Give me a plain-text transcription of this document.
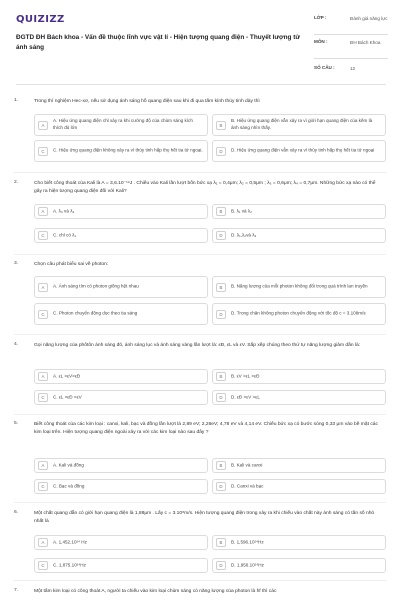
QUIZIZZ
ĐGTD ĐH Bách khoa - Vấn đề thuộc lĩnh vực vật lí - Hiện tượng quang điện - Thuyết lượng tử ánh sáng
LỚP :	Đánh giá năng lực
MÔN :	ĐH Bách Khoa
SỐ CÂU :	12
1.	Trong thí nghiệm Hec-xơ, nếu sử dụng ánh sáng hồ quang điện sau khi đi qua tấm kính thủy tinh dày thì
A
A. Hiệu ứng quang điện chỉ xảy ra khi cường độ của chùm sáng kích thích đủ lớn	B
B. Hiệu ứng quang điện vẫn xảy ra vì giới hạn quang điện của kẽm là ánh sáng nhìn thấy.
C	C. Hiệu ứng quang điện không xảy ra vì thủy tinh hấp thụ hết tia tử ngoại.	D	D. Hiệu ứng quang điện vẫn xảy ra vì thủy tinh hấp thụ hết tia tử ngoại
2.	Cho biết công thoát của Kali là A = 3,6.10⁻¹⁹J . Chiếu vào Kali lần lượt bốn bức xạ λ₁ = 0,4μm; λ₂ = 0,5μm ; λ₃ = 0,6μm; λ₄ = 0,7μm. Những bức xạ nào có thể gây ra hiện tượng quang điện đối với Kali?
A	A. λ₃ và λ₄	B	B. λ₁ và λ₂
C	C. chỉ có λ₁	D	D. λ₁,λ₂và λ₃
3.	Chọn câu phát biểu sai về photon:
A	A. Ánh sáng tím có photon giống hệt nhau	B	B. Năng lượng của mỗi photon không đổi trong quá trình lan truyền
C	C. Photon chuyển động dọc theo tia sáng	D	D. Trong chân không photon chuyển động với tốc độ c = 3.108m/s
4.	Gọi năng lượng của phôtôn ánh sáng đỏ, ánh sáng lục và ánh sáng vàng lần lượt là: εĐ, εL và εV. Sắp xếp chúng theo thứ tự năng lượng giảm dần là:
A	A. εL >εV>εĐ	B	B. εV >εL >εĐ
C	C. εL >εĐ >εV	D	D. εĐ >εV >εL
5.	Biết công thoát của các kim loại : canxi, kali, bạc và đồng lần lượt là 2,89 eV; 2,26eV; 4,78 eV và 4,14 eV. Chiếu bức xạ có bước sóng 0,33 μm vào bề mặt các kim loại trên. Hiện tượng quang điện ngoài xảy ra với các kim loại nào sau đây ?
A	A. Kali và đồng	B	B. Kali và canxi
C	C. Bạc và đồng	D	D. Canxi và bạc
6.	Một chất quang dẫn có giới hạn quang điện là 1,88μm . Lấy c = 3.10⁸m/s. Hiện tượng quang điện trong xảy ra khi chiếu vào chất này ánh sáng có tần số nhỏ nhất là
A	A. 1,452.10¹⁴ Hz	B	B. 1,596.10¹⁴Hz
C	C. 1,875.10¹⁴Hz	D	D. 1,956.10¹⁴Hz
7.	Một tấm kim loại có công thoát A, người ta chiếu vào kim loại chùm sáng có năng lượng của photon là hf thì các
